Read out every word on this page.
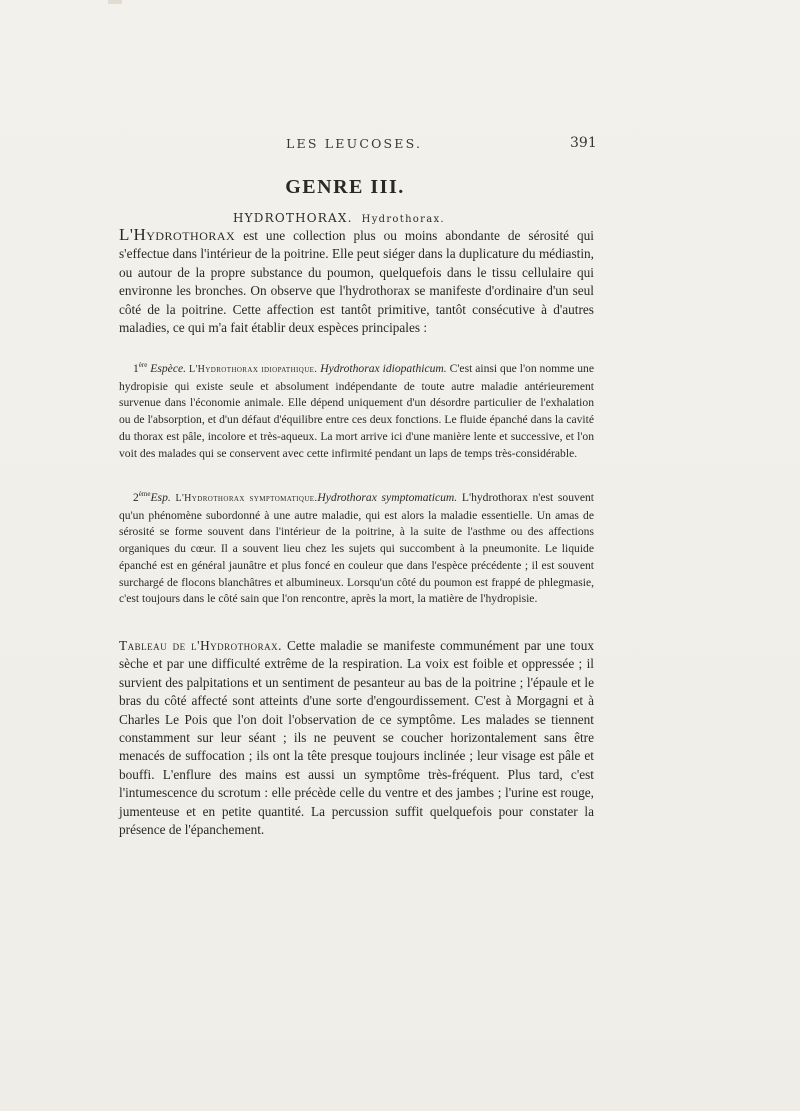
LES LEUCOSES.	391
GENRE III.
HYDROTHORAX. Hydrothorax.

L'Hydrothorax est une collection plus ou moins abondante de sérosité qui s'effectue dans l'intérieur de la poitrine. Elle peut siéger dans la duplicature du médiastin, ou autour de la propre substance du poumon, quelquefois dans le tissu cellulaire qui environne les bronches. On observe que l'hydrothorax se manifeste d'ordinaire d'un seul côté de la poitrine. Cette affection est tantôt primitive, tantôt consécutive à d'autres maladies, ce qui m'a fait établir deux espèces principales :

1ère Espèce. L'Hydrothorax idiopathique. Hydrothorax idiopathicum. C'est ainsi que l'on nomme une hydropisie qui existe seule et absolument indépendante de toute autre maladie antérieurement survenue dans l'économie animale. Elle dépend uniquement d'un désordre particulier de l'exhalation ou de l'absorption, et d'un défaut d'équilibre entre ces deux fonctions. Le fluide épanché dans la cavité du thorax est pâle, incolore et très-aqueux. La mort arrive ici d'une manière lente et successive, et l'on voit des malades qui se conservent avec cette infirmité pendant un laps de temps très-considérable.

2èmeEsp. L'Hydrothorax symptomatique.Hydrothorax symptomaticum. L'hydrothorax n'est souvent qu'un phénomène subordonné à une autre maladie, qui est alors la maladie essentielle. Un amas de sérosité se forme souvent dans l'intérieur de la poitrine, à la suite de l'asthme ou des affections organiques du cœur. Il a souvent lieu chez les sujets qui succombent à la pneumonite. Le liquide épanché est en général jaunâtre et plus foncé en couleur que dans l'espèce précédente ; il est souvent surchargé de flocons blanchâtres et albumineux. Lorsqu'un côté du poumon est frappé de phlegmasie, c'est toujours dans le côté sain que l'on rencontre, après la mort, la matière de l'hydropisie.

Tableau de l'Hydrothorax. Cette maladie se manifeste communément par une toux sèche et par une difficulté extrême de la respiration. La voix est foible et oppressée ; il survient des palpitations et un sentiment de pesanteur au bas de la poitrine ; l'épaule et le bras du côté affecté sont atteints d'une sorte d'engourdissement. C'est à Morgagni et à Charles Le Pois que l'on doit l'observation de ce symptôme. Les malades se tiennent constamment sur leur séant ; ils ne peuvent se coucher horizontalement sans être menacés de suffocation ; ils ont la tête presque toujours inclinée ; leur visage est pâle et bouffi. L'enflure des mains est aussi un symptôme très-fréquent. Plus tard, c'est l'intumescence du scrotum : elle précède celle du ventre et des jambes ; l'urine est rouge, jumenteuse et en petite quantité. La percussion suffit quelquefois pour constater la présence de l'épanchement.
